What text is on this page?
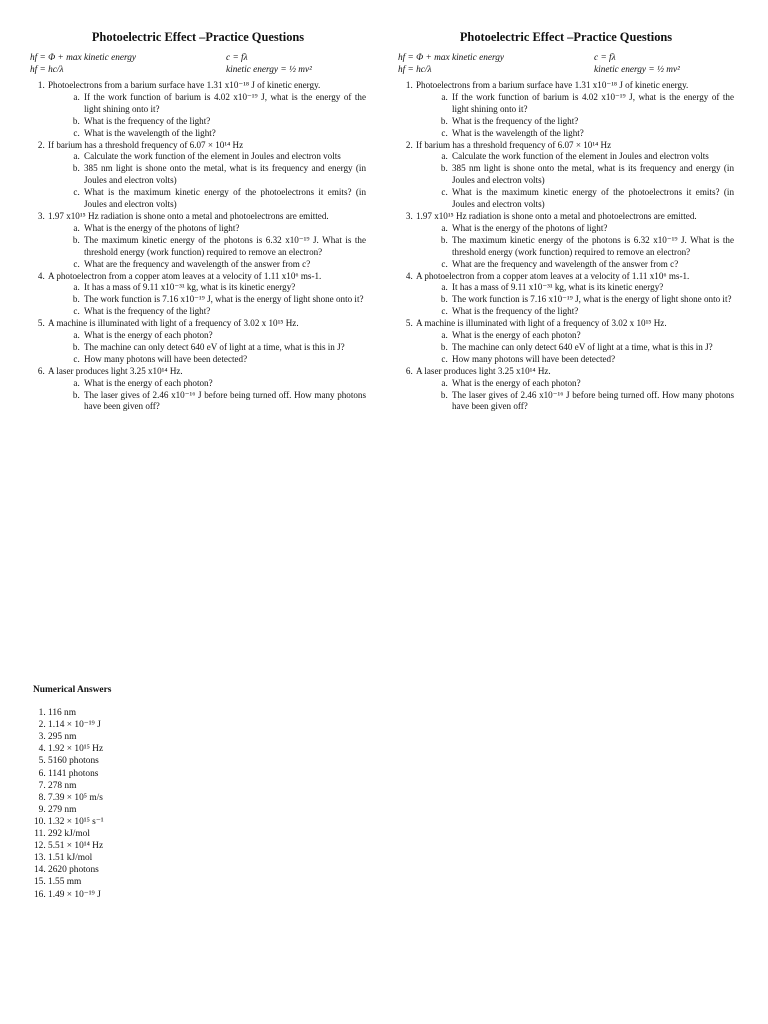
Photoelectric Effect –Practice Questions
hf = Φ + max kinetic energy	c = fλ
hf = hc/λ	kinetic energy = ½ mv²
1. Photoelectrons from a barium surface have 1.31 x10⁻¹⁸ J of kinetic energy.
a. If the work function of barium is 4.02 x10⁻¹⁹ J, what is the energy of the light shining onto it?
b. What is the frequency of the light?
c. What is the wavelength of the light?
2. If barium has a threshold frequency of 6.07 × 10¹⁴ Hz
a. Calculate the work function of the element in Joules and electron volts
b. 385 nm light is shone onto the metal, what is its frequency and energy (in Joules and electron volts)
c. What is the maximum kinetic energy of the photoelectrons it emits? (in Joules and electron volts)
3. 1.97 x10¹⁵ Hz radiation is shone onto a metal and photoelectrons are emitted.
a. What is the energy of the photons of light?
b. The maximum kinetic energy of the photons is 6.32 x10⁻¹⁹ J. What is the threshold energy (work function) required to remove an electron?
c. What are the frequency and wavelength of the answer from c?
4. A photoelectron from a copper atom leaves at a velocity of 1.11 x10⁶ ms-1.
a. It has a mass of 9.11 x10⁻³¹ kg, what is its kinetic energy?
b. The work function is 7.16 x10⁻¹⁹ J, what is the energy of light shone onto it?
c. What is the frequency of the light?
5. A machine is illuminated with light of a frequency of 3.02 x 10¹⁵ Hz.
a. What is the energy of each photon?
b. The machine can only detect 640 eV of light at a time, what is this in J?
c. How many photons will have been detected?
6. A laser produces light 3.25 x10¹⁴ Hz.
a. What is the energy of each photon?
b. The laser gives of 2.46 x10⁻¹⁶ J before being turned off. How many photons have been given off?
Photoelectric Effect –Practice Questions
hf = Φ + max kinetic energy	c = fλ
hf = hc/λ	kinetic energy = ½ mv²
1. Photoelectrons from a barium surface have 1.31 x10⁻¹⁸ J of kinetic energy.
a. If the work function of barium is 4.02 x10⁻¹⁹ J, what is the energy of the light shining onto it?
b. What is the frequency of the light?
c. What is the wavelength of the light?
2. If barium has a threshold frequency of 6.07 × 10¹⁴ Hz
a. Calculate the work function of the element in Joules and electron volts
b. 385 nm light is shone onto the metal, what is its frequency and energy (in Joules and electron volts)
c. What is the maximum kinetic energy of the photoelectrons it emits? (in Joules and electron volts)
3. 1.97 x10¹⁵ Hz radiation is shone onto a metal and photoelectrons are emitted.
a. What is the energy of the photons of light?
b. The maximum kinetic energy of the photons is 6.32 x10⁻¹⁹ J. What is the threshold energy (work function) required to remove an electron?
c. What are the frequency and wavelength of the answer from c?
4. A photoelectron from a copper atom leaves at a velocity of 1.11 x10⁶ ms-1.
a. It has a mass of 9.11 x10⁻³¹ kg, what is its kinetic energy?
b. The work function is 7.16 x10⁻¹⁹ J, what is the energy of light shone onto it?
c. What is the frequency of the light?
5. A machine is illuminated with light of a frequency of 3.02 x 10¹⁵ Hz.
a. What is the energy of each photon?
b. The machine can only detect 640 eV of light at a time, what is this in J?
c. How many photons will have been detected?
6. A laser produces light 3.25 x10¹⁴ Hz.
a. What is the energy of each photon?
b. The laser gives of 2.46 x10⁻¹⁶ J before being turned off. How many photons have been given off?
Numerical Answers
1. 116 nm
2. 1.14 × 10⁻¹⁹ J
3. 295 nm
4. 1.92 × 10¹⁵ Hz
5. 5160 photons
6. 1141 photons
7. 278 nm
8. 7.39 × 10⁵ m/s
9. 279 nm
10. 1.32 × 10¹⁵ s⁻¹
11. 292 kJ/mol
12. 5.51 × 10¹⁴ Hz
13. 1.51 kJ/mol
14. 2620 photons
15. 1.55 mm
16. 1.49 × 10⁻¹⁹ J
